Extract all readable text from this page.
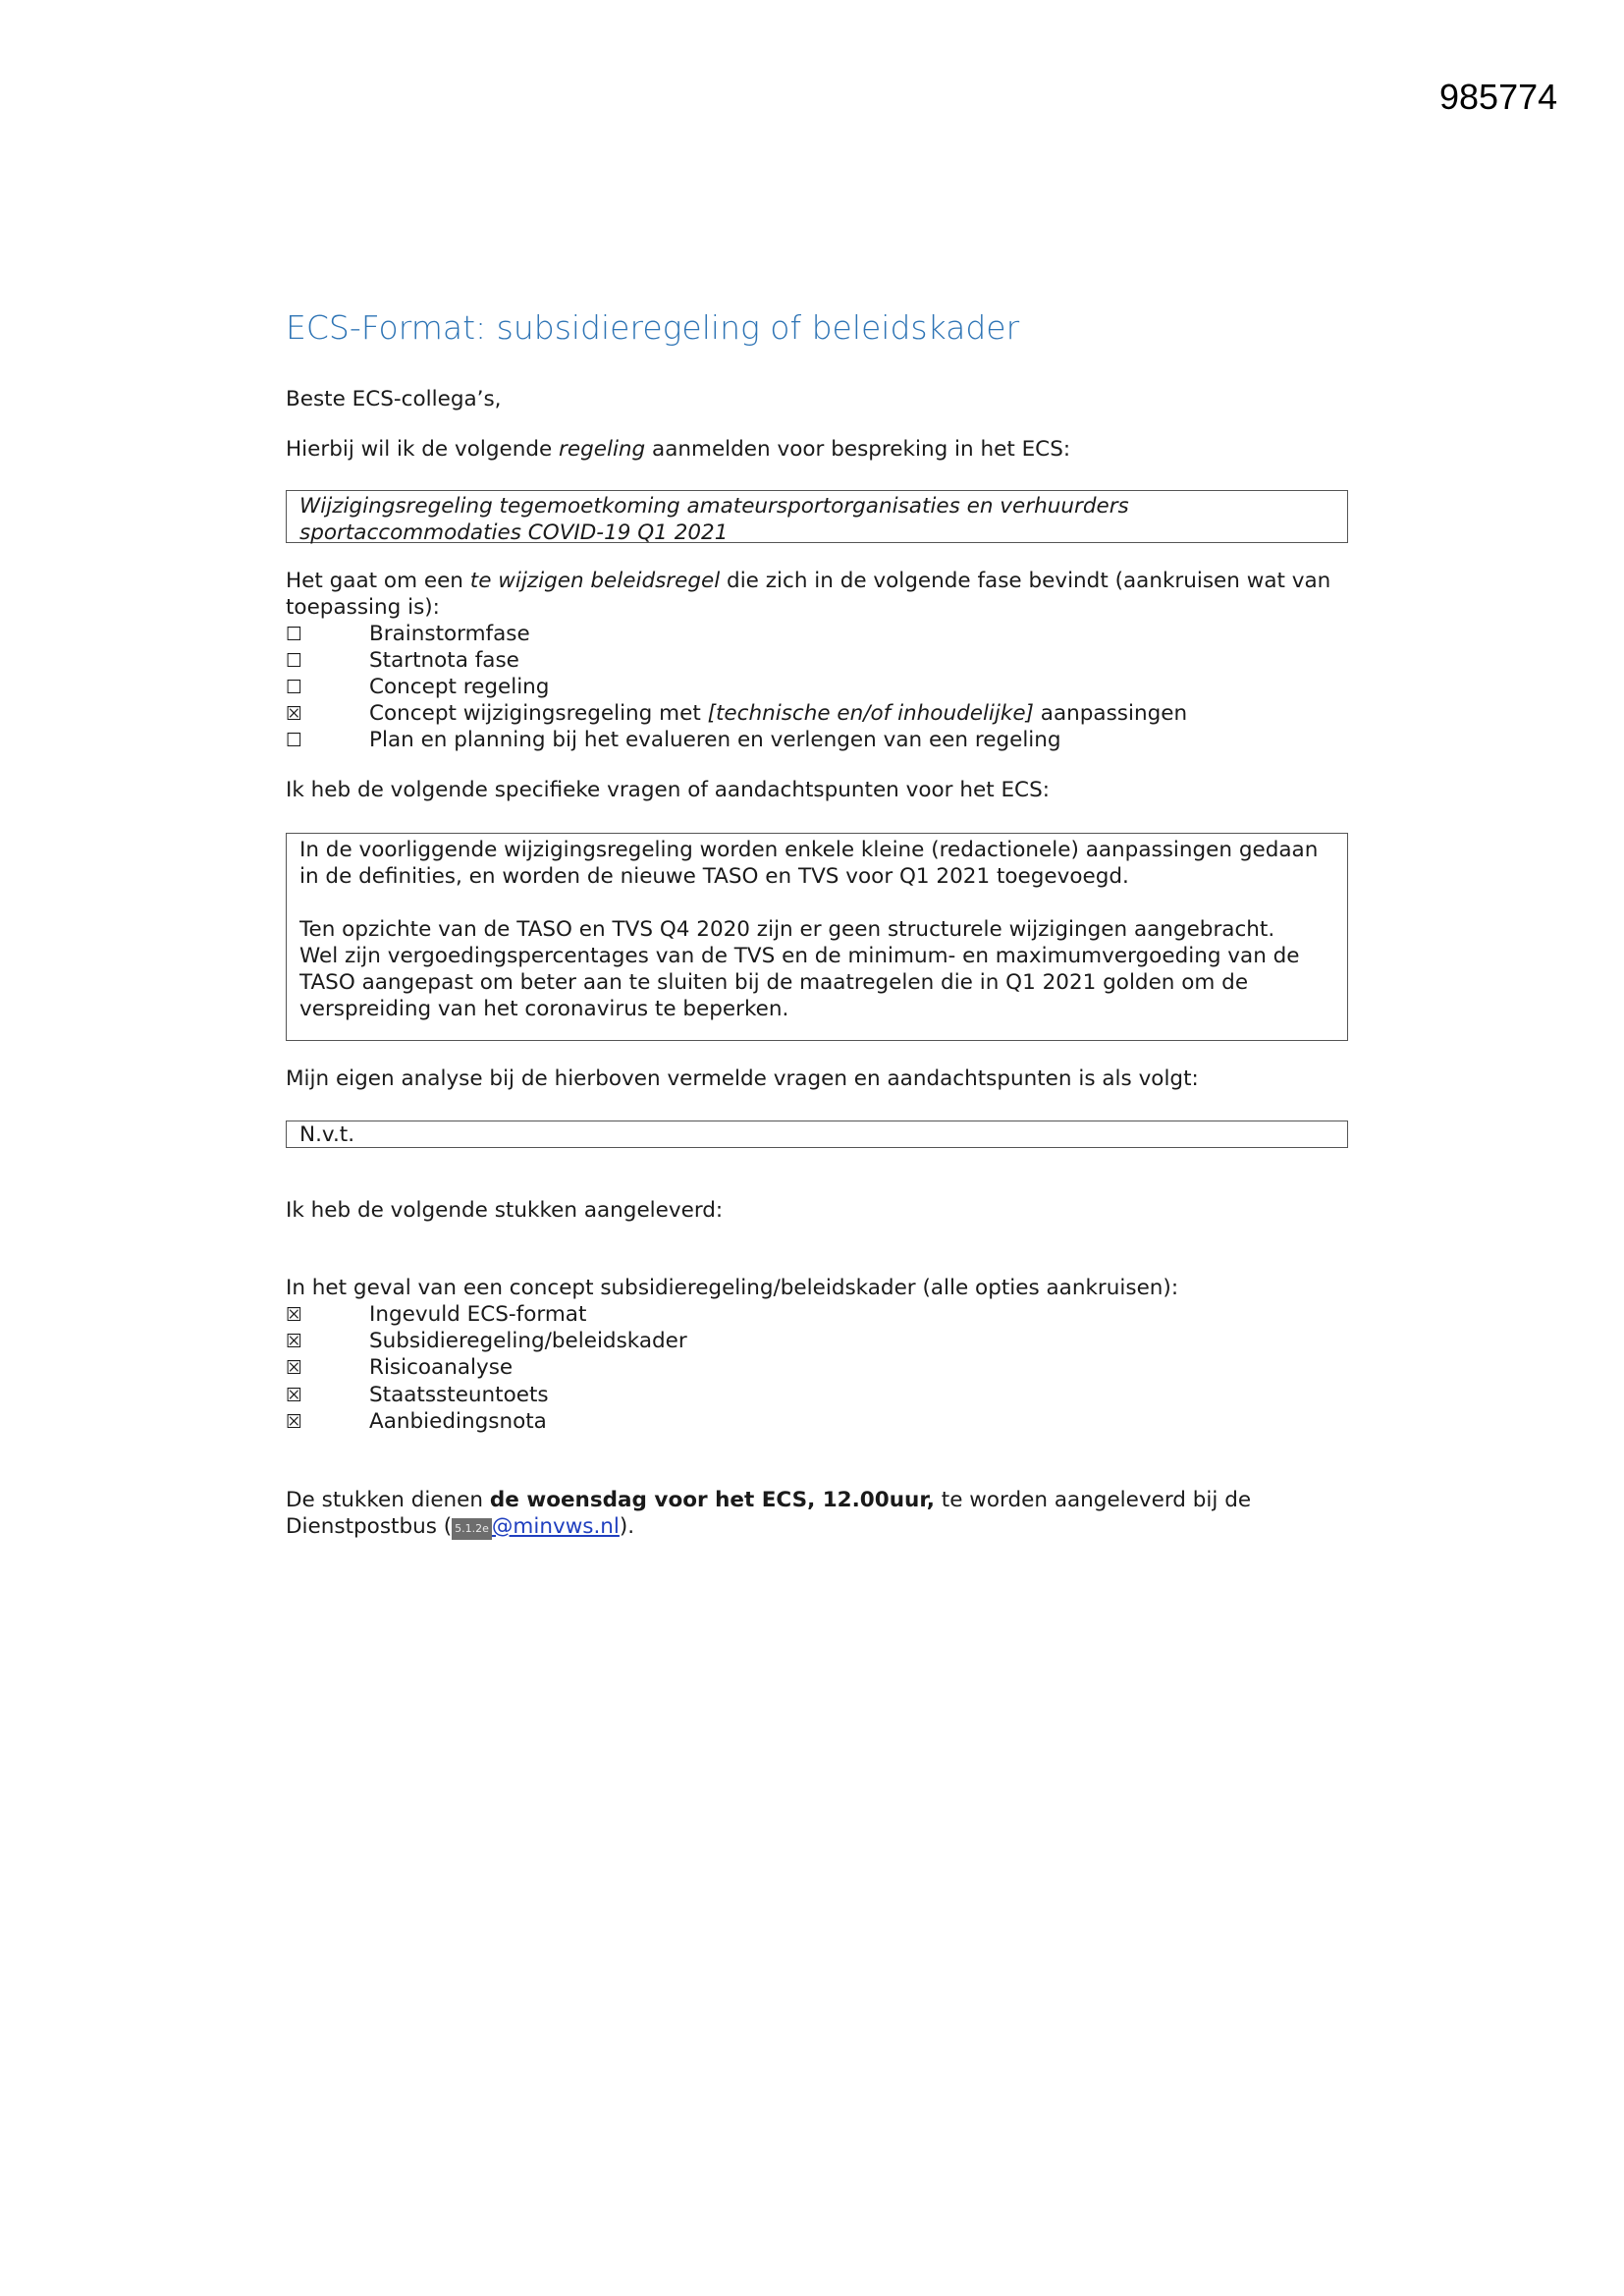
985774
ECS-Format: subsidieregeling of beleidskader
Beste ECS-collega’s,
Hierbij wil ik de volgende regeling aanmelden voor bespreking in het ECS:
Wijzigingsregeling tegemoetkoming amateursportorganisaties en verhuurders
sportaccommodaties COVID-19 Q1 2021
Het gaat om een te wijzigen beleidsregel die zich in de volgende fase bevindt (aankruisen wat van
toepassing is):
☐	Brainstormfase
☐	Startnota fase
☐	Concept regeling
☒	Concept wijzigingsregeling met [technische en/of inhoudelijke] aanpassingen
☐	Plan en planning bij het evalueren en verlengen van een regeling
Ik heb de volgende specifieke vragen of aandachtspunten voor het ECS:

In de voorliggende wijzigingsregeling worden enkele kleine (redactionele) aanpassingen gedaan
in de definities, en worden de nieuwe TASO en TVS voor Q1 2021 toegevoegd.

Ten opzichte van de TASO en TVS Q4 2020 zijn er geen structurele wijzigingen aangebracht.
Wel zijn vergoedingspercentages van de TVS en de minimum- en maximumvergoeding van de
TASO aangepast om beter aan te sluiten bij de maatregelen die in Q1 2021 golden om de
verspreiding van het coronavirus te beperken.

Mijn eigen analyse bij de hierboven vermelde vragen en aandachtspunten is als volgt:
N.v.t.
Ik heb de volgende stukken aangeleverd:
In het geval van een concept subsidieregeling/beleidskader (alle opties aankruisen):
☒	Ingevuld ECS-format
☒	Subsidieregeling/beleidskader
☒	Risicoanalyse
☒	Staatssteuntoets
☒	Aanbiedingsnota
De stukken dienen de woensdag voor het ECS, 12.00uur, te worden aangeleverd bij de
Dienstpostbus ( 5.1.2e @minvws.nl).
